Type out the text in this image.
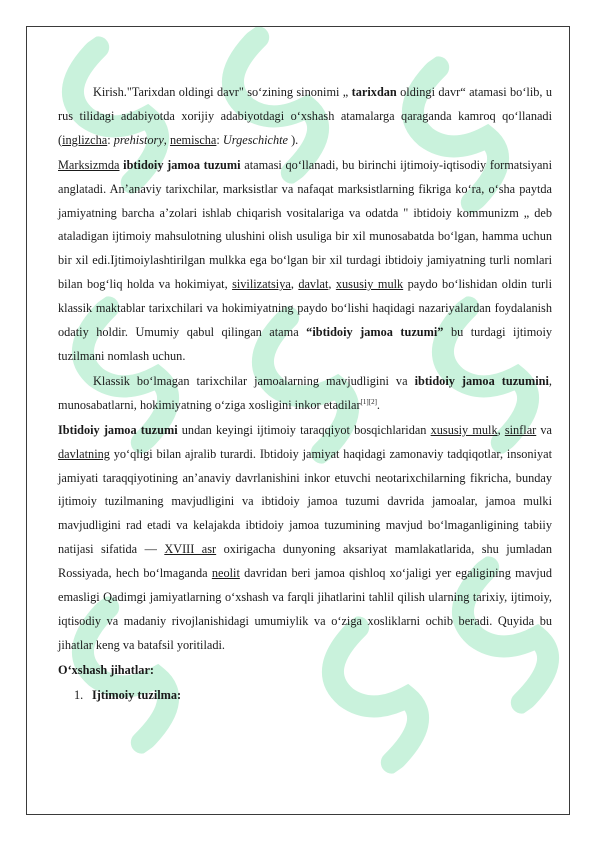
Kirish."Tarixdan oldingi davr" so‘zining sinonimi „ tarixdan oldingi davr“ atamasi bo‘lib, u rus tilidagi adabiyotda xorijiy adabiyotdagi o‘xshash atamalarga qaraganda kamroq qo‘llanadi (inglizcha: prehistory, nemischa: Urgeschichte ).

Marksizmda ibtidoiy jamoa tuzumi atamasi qo‘llanadi, bu birinchi ijtimoiy-iqtisodiy formatsiyani anglatadi. An’anaviy tarixchilar, marksistlar va nafaqat marksistlarning fikriga ko‘ra, o‘sha paytda jamiyatning barcha a’zolari ishlab chiqarish vositalariga va odatda " ibtidoiy kommunizm „ deb ataladigan ijtimoiy mahsulotning ulushini olish usuliga bir xil munosabatda bo‘lgan, hamma uchun bir xil edi.Ijtimoiylashtirilgan mulkka ega bo‘lgan bir xil turdagi ibtidoiy jamiyatning turli nomlari bilan bog‘liq holda va hokimiyat, sivilizatsiya, davlat, xususiy mulk paydo bo‘lishidan oldin turli klassik maktablar tarixchilari va hokimiyatning paydo bo‘lishi haqidagi nazariyalardan foydalanish odatiy holdir. Umumiy qabul qilingan atama “ibtidoiy jamoa tuzumi” bu turdagi ijtimoiy tuzilmani nomlash uchun.

Klassik bo‘lmagan tarixchilar jamoalarning mavjudligini va ibtidoiy jamoa tuzumini, munosabatlarni, hokimiyatning o‘ziga xosligini inkor etadilar[1][2].

Ibtidoiy jamoa tuzumi undan keyingi ijtimoiy taraqqiyot bosqichlaridan xususiy mulk, sinflar va davlatning yo‘qligi bilan ajralib turardi. Ibtidoiy jamiyat haqidagi zamonaviy tadqiqotlar, insoniyat jamiyati taraqqiyotining an’anaviy davrlanishini inkor etuvchi neotarixchilarning fikricha, bunday ijtimoiy tuzilmaning mavjudligini va ibtidoiy jamoa tuzumi davrida jamoalar, jamoa mulki mavjudligini rad etadi va kelajakda ibtidoiy jamoa tuzumining mavjud bo‘lmaganligining tabiiy natijasi sifatida — XVIII asr oxirigacha dunyoning aksariyat mamlakatlarida, shu jumladan Rossiyada, hech bo‘lmaganda neolit davridan beri jamoa qishloq xo‘jaligi yer egaligining mavjud emasligi Qadimgi jamiyatlarning o‘xshash va farqli jihatlarini tahlil qilish ularning tarixiy, ijtimoiy, iqtisodiy va madaniy rivojlanishidagi umumiylik va o‘ziga xosliklarni ochib beradi. Quyida bu jihatlar keng va batafsil yoritiladi.

O‘xshash jihatlar:

1. Ijtimoiy tuzilma:
